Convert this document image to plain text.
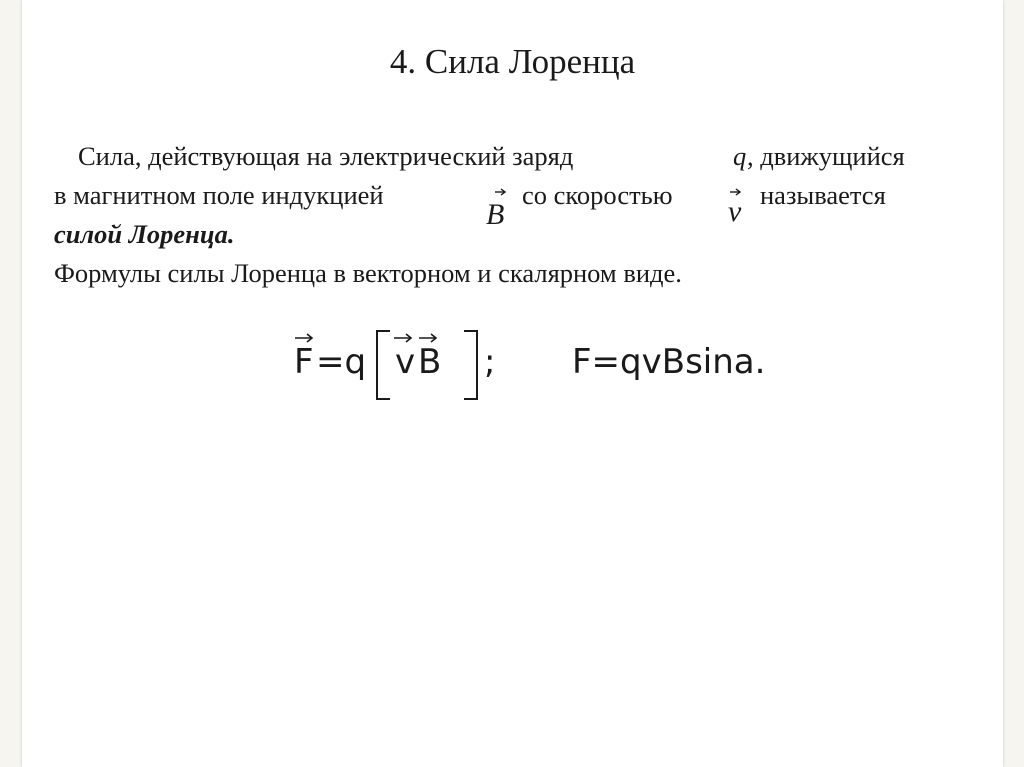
4. Сила Лоренца
Сила, действующая на электрический заряд	q , движущийся
в магнитном поле индукцией
B
со скоростью v называется
силой Лоренца.
Формулы силы Лоренца в векторном и скалярном виде.
F =q v B ; F=qvBsina.
